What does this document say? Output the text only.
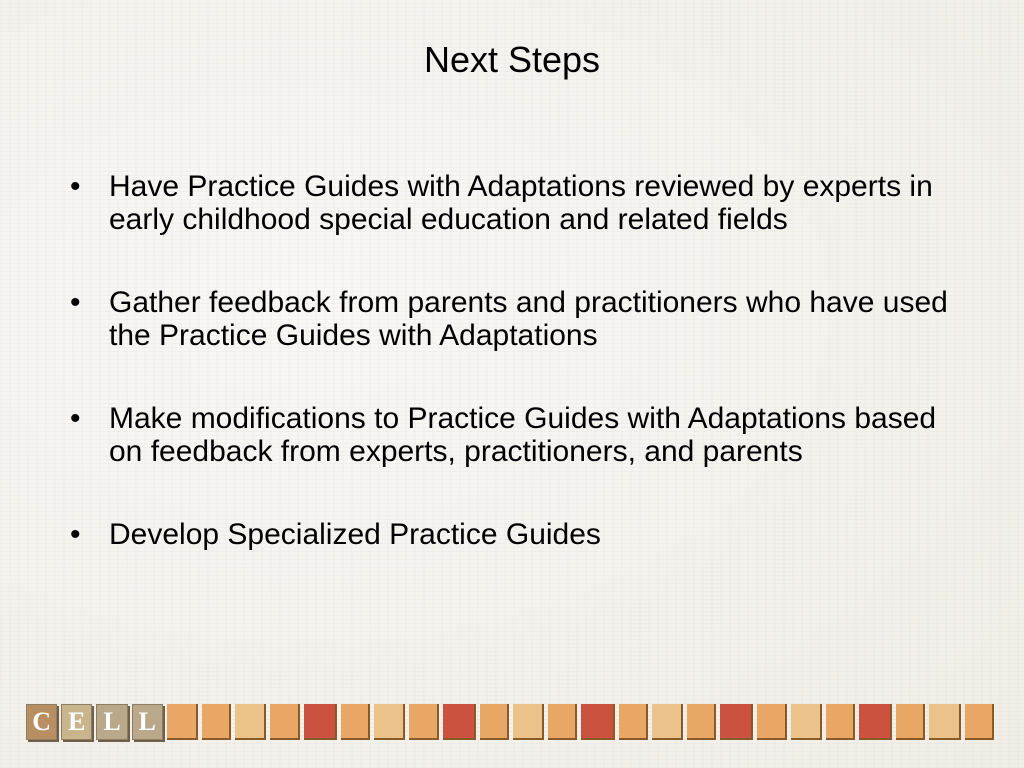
Next Steps
• Have Practice Guides with Adaptations reviewed by experts in early childhood special education and related fields
• Gather feedback from parents and practitioners who have used the Practice Guides with Adaptations
• Make modifications to Practice Guides with Adaptations based on feedback from experts, practitioners, and parents
• Develop Specialized Practice Guides
C E L L
